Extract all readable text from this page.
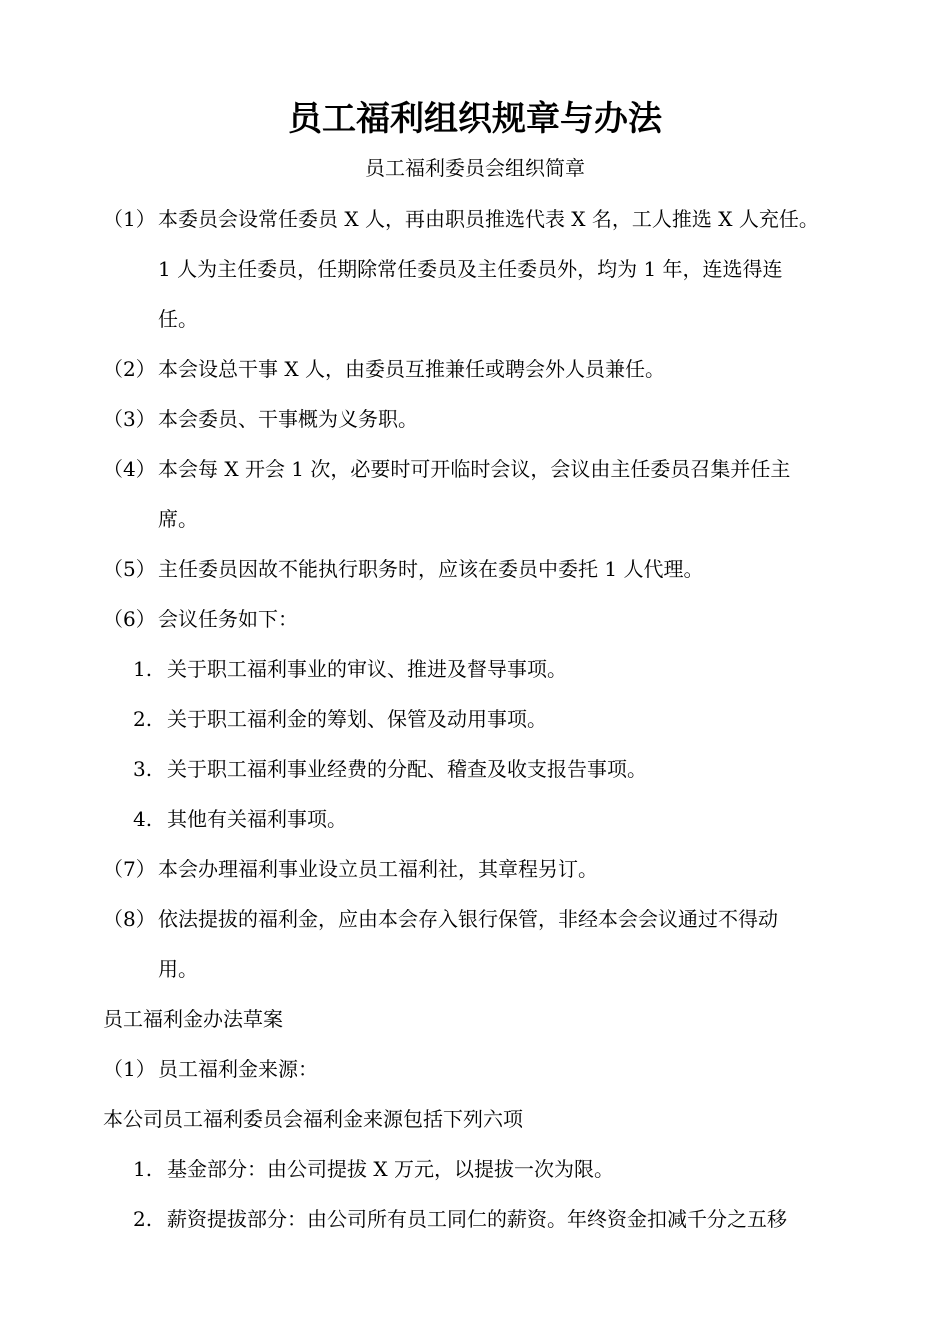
员工福利组织规章与办法
员工福利委员会组织简章
（1） 本委员会设常任委员 X 人，再由职员推选代表 X 名，工人推选 X 人充任。
1 人为主任委员，任期除常任委员及主任委员外，均为 1 年，连选得连
任。
（2） 本会设总干事 X 人，由委员互推兼任或聘会外人员兼任。
（3） 本会委员、干事概为义务职。
（4） 本会每 X 开会 1 次，必要时可开临时会议，会议由主任委员召集并任主
席。
（5） 主任委员因故不能执行职务时，应该在委员中委托 1 人代理。
（6） 会议任务如下：
1. 关于职工福利事业的审议、推进及督导事项。
2. 关于职工福利金的筹划、保管及动用事项。
3. 关于职工福利事业经费的分配、稽查及收支报告事项。
4. 其他有关福利事项。
（7） 本会办理福利事业设立员工福利社，其章程另订。
（8） 依法提拔的福利金，应由本会存入银行保管，非经本会会议通过不得动
用。
员工福利金办法草案
（1） 员工福利金来源：
本公司员工福利委员会福利金来源包括下列六项
1. 基金部分：由公司提拔 X 万元，以提拔一次为限。
2. 薪资提拔部分：由公司所有员工同仁的薪资。年终资金扣减千分之五移
